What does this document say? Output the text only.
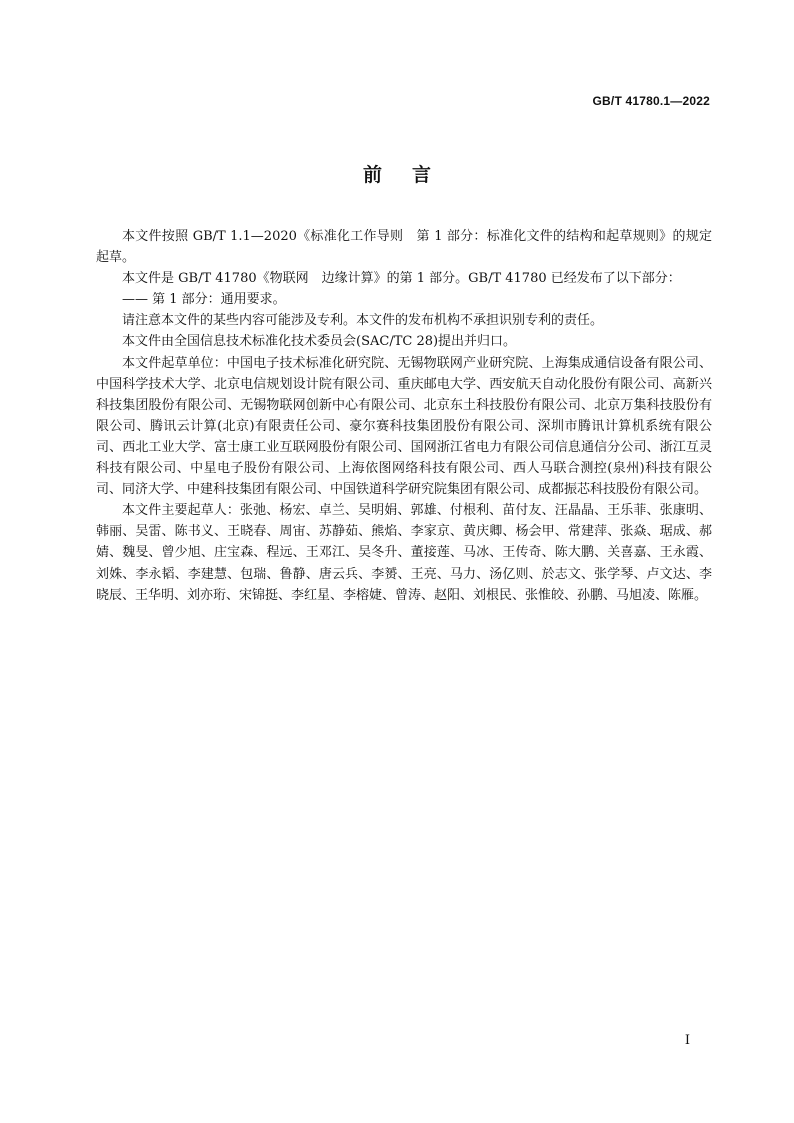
GB/T 41780.1—2022
前言

本文件按照 GB/T 1.1—2020《标准化工作导则　第 1 部分：标准化文件的结构和起草规则》的规定起草。

本文件是 GB/T 41780《物联网　边缘计算》的第 1 部分。GB/T 41780 已经发布了以下部分：

—— 第 1 部分：通用要求。

请注意本文件的某些内容可能涉及专利。本文件的发布机构不承担识别专利的责任。

本文件由全国信息技术标准化技术委员会(SAC/TC 28)提出并归口。

本文件起草单位：中国电子技术标准化研究院、无锡物联网产业研究院、上海集成通信设备有限公司、中国科学技术大学、北京电信规划设计院有限公司、重庆邮电大学、西安航天自动化股份有限公司、高新兴科技集团股份有限公司、无锡物联网创新中心有限公司、北京东土科技股份有限公司、北京万集科技股份有限公司、腾讯云计算(北京)有限责任公司、豪尔赛科技集团股份有限公司、深圳市腾讯计算机系统有限公司、西北工业大学、富士康工业互联网股份有限公司、国网浙江省电力有限公司信息通信分公司、浙江互灵科技有限公司、中星电子股份有限公司、上海依图网络科技有限公司、西人马联合测控(泉州)科技有限公司、同济大学、中建科技集团有限公司、中国铁道科学研究院集团有限公司、成都振芯科技股份有限公司。

本文件主要起草人：张弛、杨宏、卓兰、吴明娟、郭雄、付根利、苗付友、汪晶晶、王乐菲、张康明、韩丽、吴雷、陈书义、王晓春、周宙、苏静茹、熊焰、李家京、黄庆卿、杨会甲、常建萍、张焱、琚成、郝婧、魏旻、曾少旭、庄宝森、程远、王邓江、吴冬升、董接莲、马冰、王传奇、陈大鹏、关喜嘉、王永霞、刘姝、李永韬、李建慧、包瑞、鲁静、唐云兵、李赟、王亮、马力、汤亿则、於志文、张学琴、卢文达、李晓辰、王华明、刘亦珩、宋锦挺、李红星、李榕婕、曾涛、赵阳、刘根民、张惟皎、孙鹏、马旭凌、陈雁。

I
